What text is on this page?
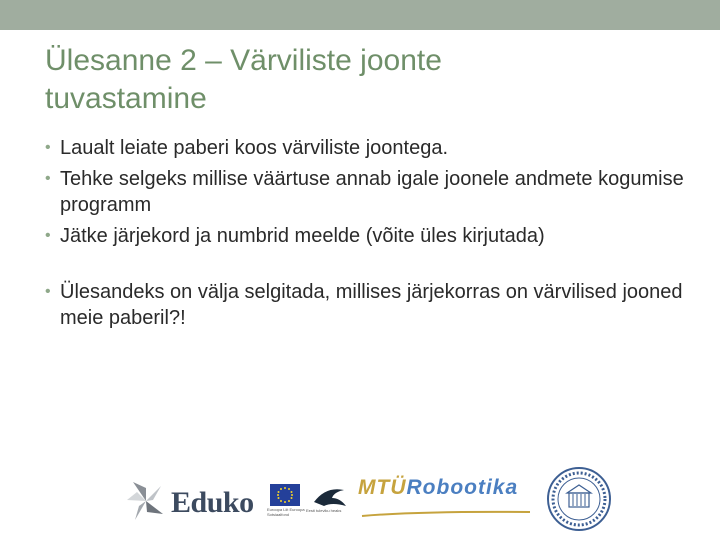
Ülesanne 2 – Värviliste joonte
tuvastamine
• Laualt leiate paberi koos värviliste joontega.
• Tehke selgeks millise väärtuse annab igale joonele andmete kogumise programm
• Jätke järjekord ja numbrid meelde (võite üles kirjutada)
• Ülesandeks on välja selgitada, millises järjekorras on värvilised jooned meie paberil?!
Eduko	Euroopa Liit Euroopa Sotsiaalfond
Eesti tuleviku heaks
MTÜRobootika
